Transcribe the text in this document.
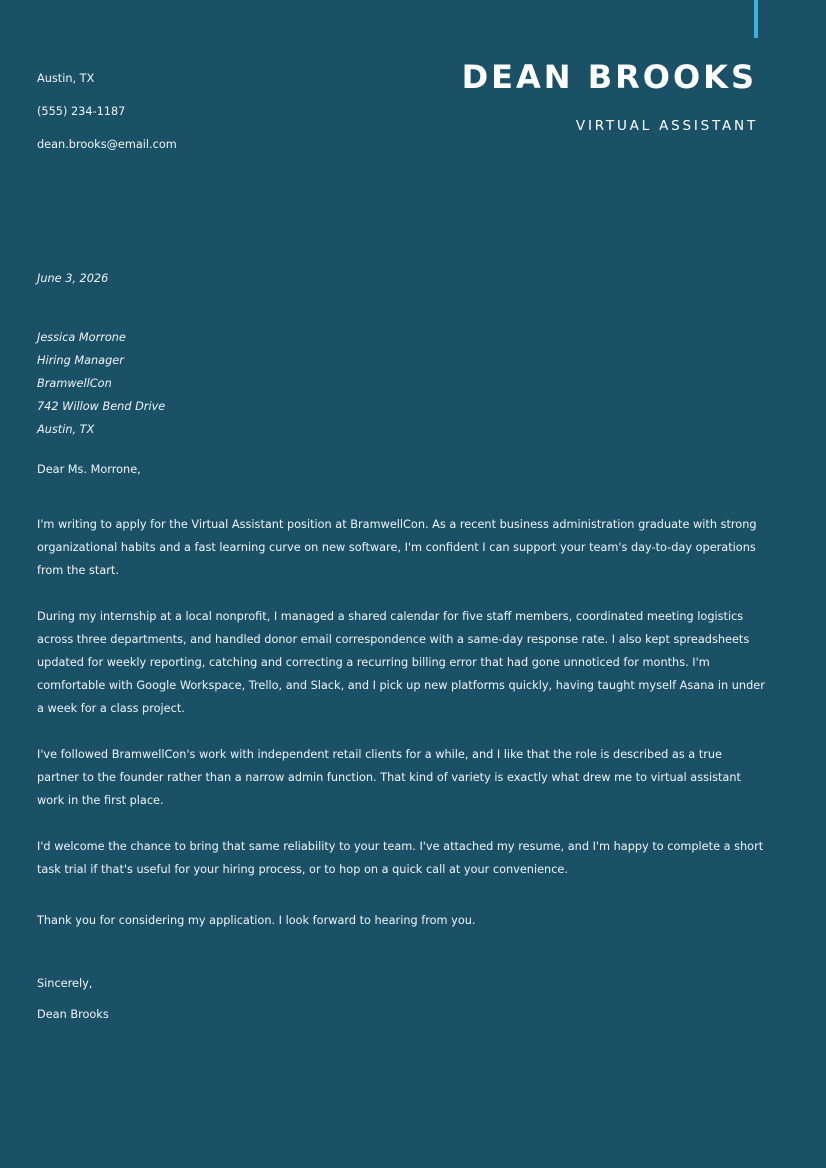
Austin, TX
(555) 234-1187
dean.brooks@email.com
DEAN BROOKS
VIRTUAL ASSISTANT
June 3, 2026
Jessica Morrone
Hiring Manager
BramwellCon
742 Willow Bend Drive
Austin, TX
Dear Ms. Morrone,

I'm writing to apply for the Virtual Assistant position at BramwellCon. As a recent business administration graduate with strong organizational habits and a fast learning curve on new software, I'm confident I can support your team's day-to-day operations from the start.

During my internship at a local nonprofit, I managed a shared calendar for five staff members, coordinated meeting logistics across three departments, and handled donor email correspondence with a same-day response rate. I also kept spreadsheets updated for weekly reporting, catching and correcting a recurring billing error that had gone unnoticed for months. I'm comfortable with Google Workspace, Trello, and Slack, and I pick up new platforms quickly, having taught myself Asana in under a week for a class project.

I've followed BramwellCon's work with independent retail clients for a while, and I like that the role is described as a true partner to the founder rather than a narrow admin function. That kind of variety is exactly what drew me to virtual assistant work in the first place.

I'd welcome the chance to bring that same reliability to your team. I've attached my resume, and I'm happy to complete a short task trial if that's useful for your hiring process, or to hop on a quick call at your convenience.

Thank you for considering my application. I look forward to hearing from you.
Sincerely,
Dean Brooks
